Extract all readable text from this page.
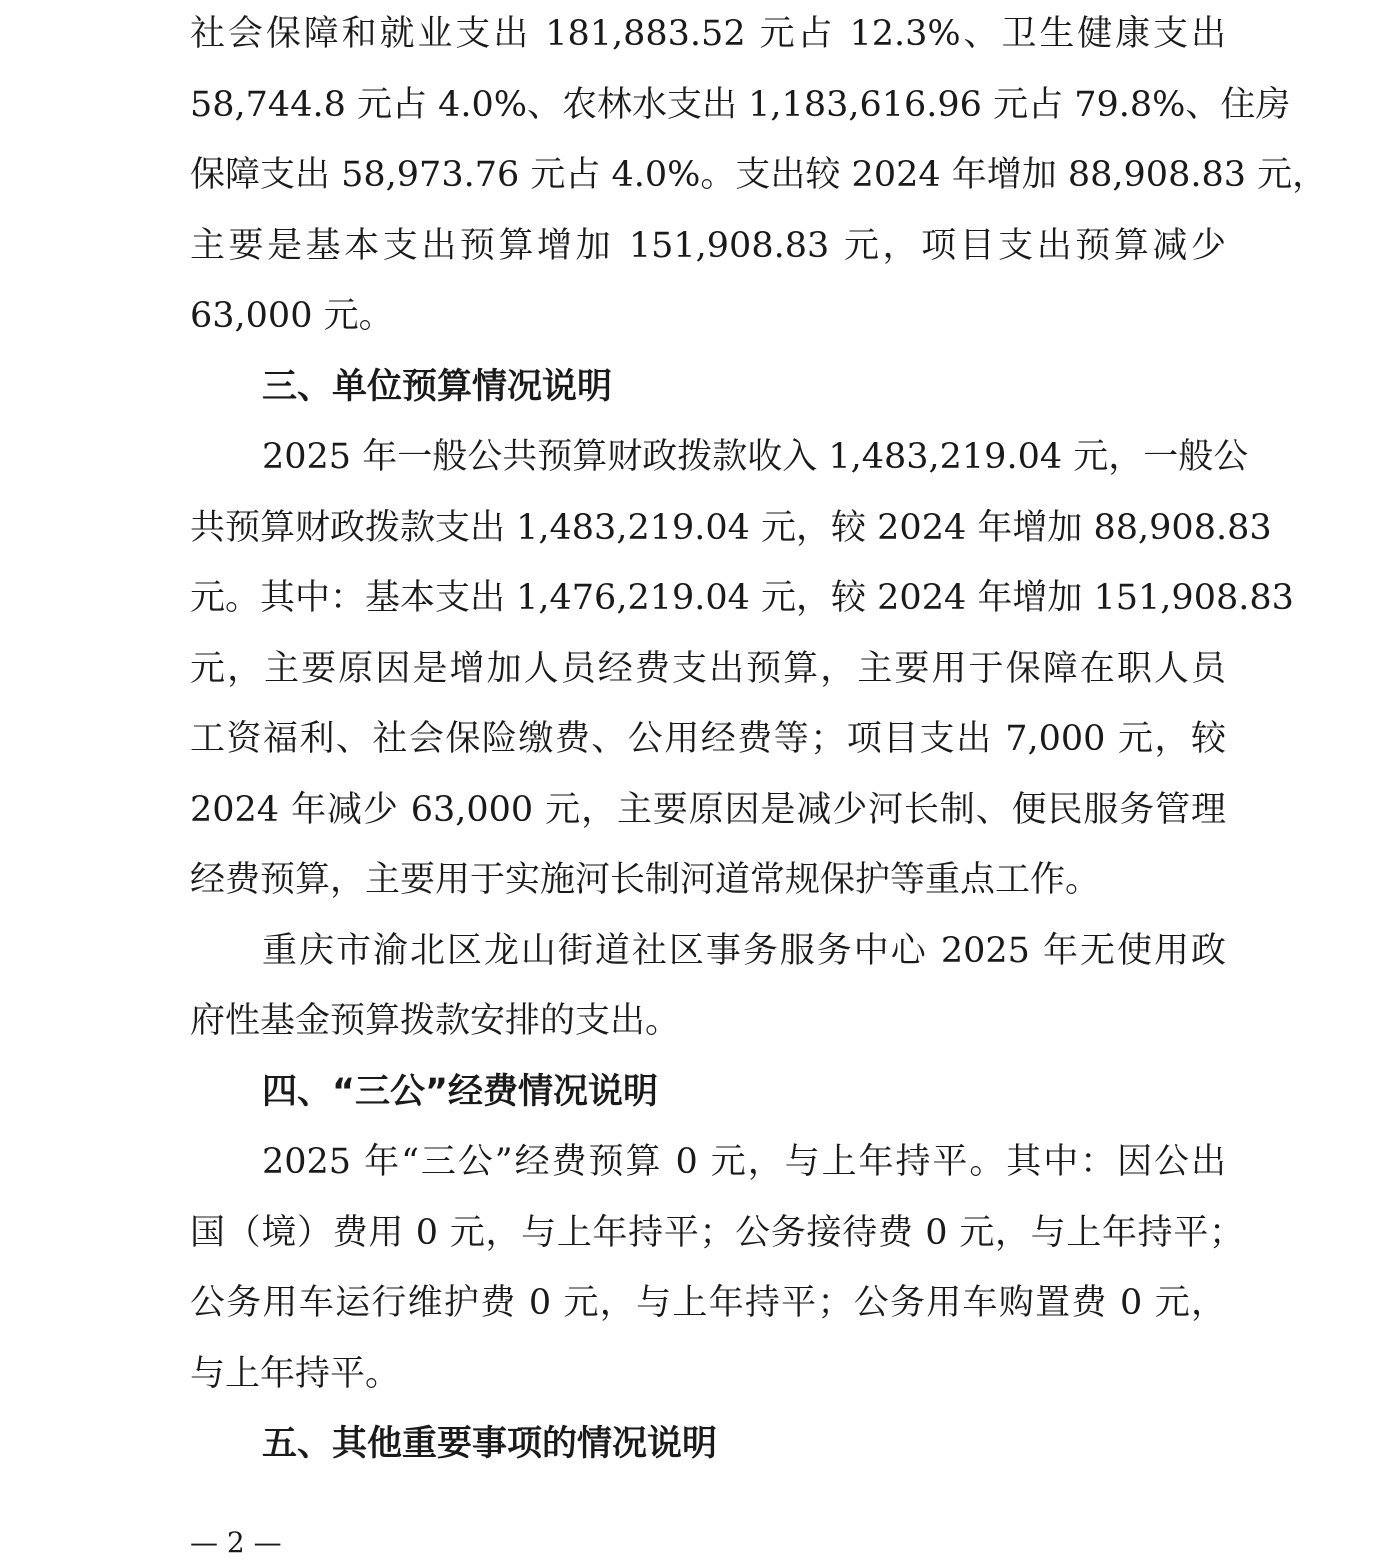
社会保障和就业支出 181,883.52 元占 12.3%、卫生健康支出
58,744.8 元占 4.0%、农林水支出 1,183,616.96 元占 79.8%、住房
保障支出 58,973.76 元占 4.0%。支出较 2024 年增加 88,908.83 元，
主要是基本支出预算增加 151,908.83 元，项目支出预算减少
63,000 元。
三、单位预算情况说明
2025 年一般公共预算财政拨款收入 1,483,219.04 元，一般公
共预算财政拨款支出 1,483,219.04 元，较 2024 年增加 88,908.83
元。其中：基本支出 1,476,219.04 元，较 2024 年增加 151,908.83
元，主要原因是增加人员经费支出预算，主要用于保障在职人员
工资福利、社会保险缴费、公用经费等；项目支出 7,000 元，较
2024 年减少 63,000 元，主要原因是减少河长制、便民服务管理
经费预算，主要用于实施河长制河道常规保护等重点工作。
重庆市渝北区龙山街道社区事务服务中心 2025 年无使用政
府性基金预算拨款安排的支出。
四、“三公”经费情况说明
2025 年“三公”经费预算 0 元，与上年持平。其中：因公出
国（境）费用 0 元，与上年持平；公务接待费 0 元，与上年持平；
公务用车运行维护费 0 元，与上年持平；公务用车购置费 0 元，
与上年持平。
五、其他重要事项的情况说明
— 2 —
